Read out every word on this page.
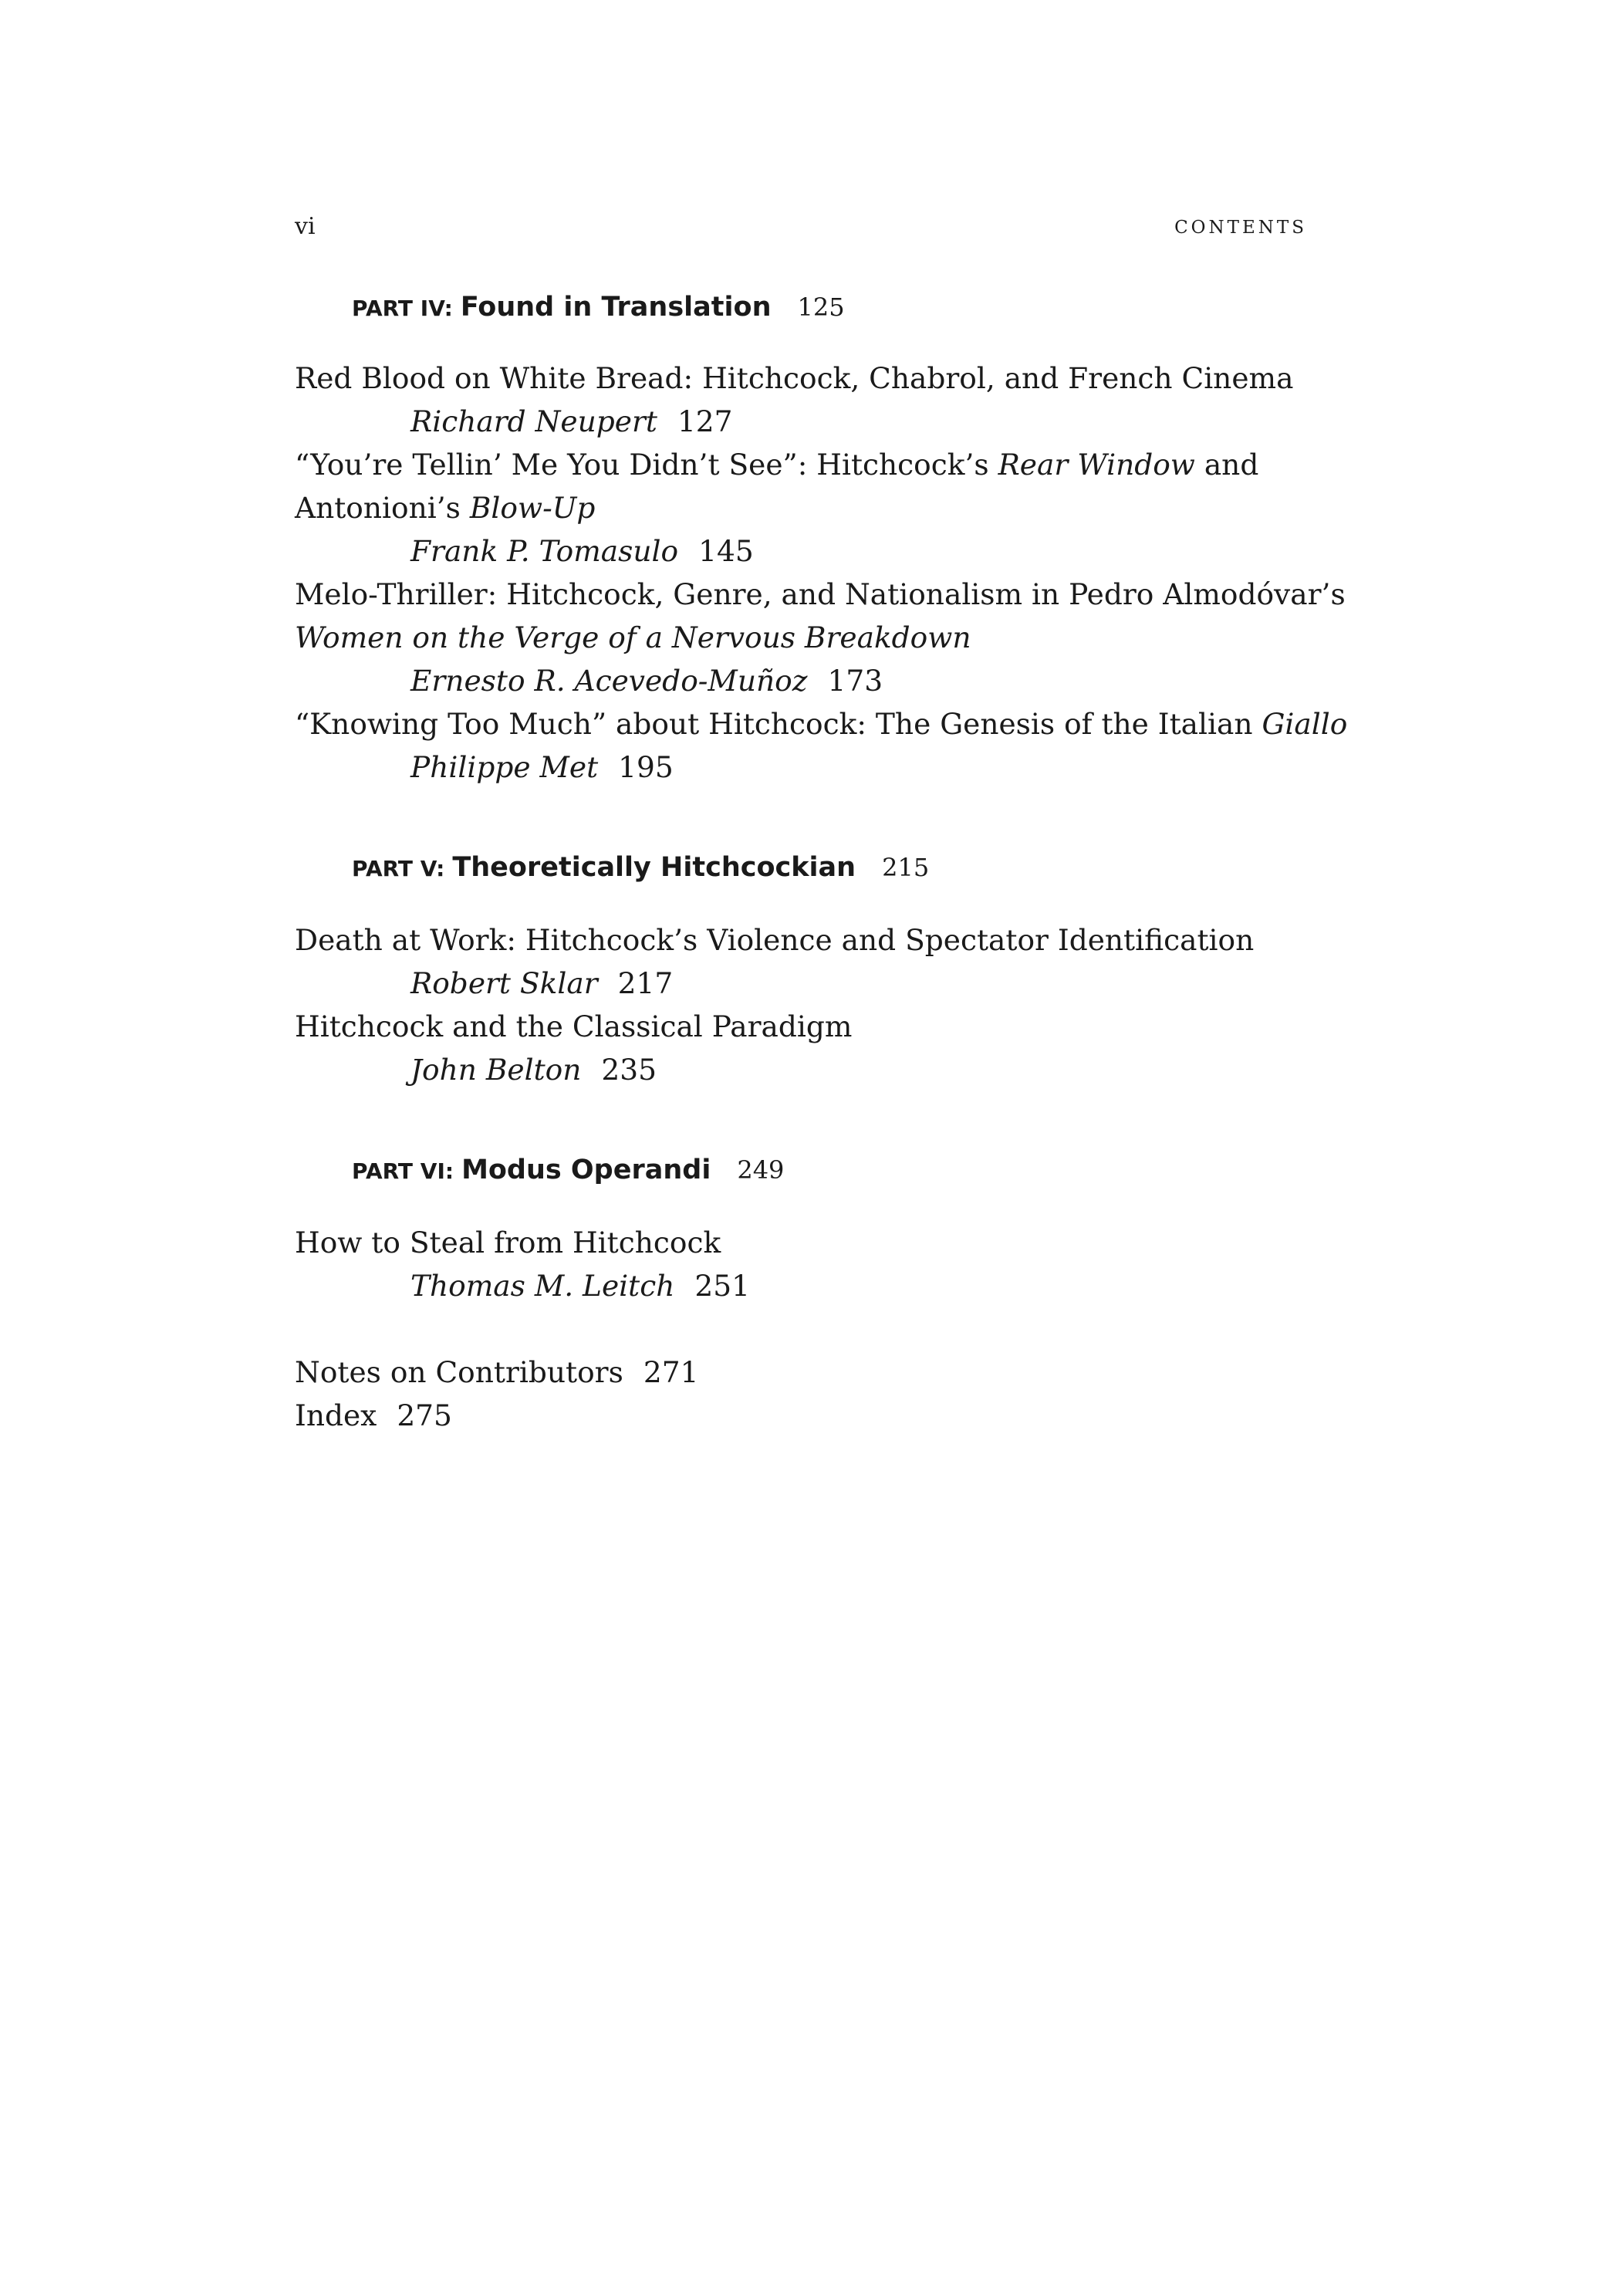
vi	CONTENTS
PART IV: Found in Translation 125
Red Blood on White Bread: Hitchcock, Chabrol, and French Cinema
Richard Neupert 127
“You’re Tellin’ Me You Didn’t See”: Hitchcock’s Rear Window and
Antonioni’s Blow-Up
Frank P. Tomasulo 145
Melo-Thriller: Hitchcock, Genre, and Nationalism in Pedro Almodóvar’s
Women on the Verge of a Nervous Breakdown
Ernesto R. Acevedo-Muñoz 173
“Knowing Too Much” about Hitchcock: The Genesis of the Italian Giallo
Philippe Met 195
PART V: Theoretically Hitchcockian 215
Death at Work: Hitchcock’s Violence and Spectator Identification
Robert Sklar 217
Hitchcock and the Classical Paradigm
John Belton 235
PART VI: Modus Operandi 249
How to Steal from Hitchcock
Thomas M. Leitch 251
Notes on Contributors 271
Index 275
